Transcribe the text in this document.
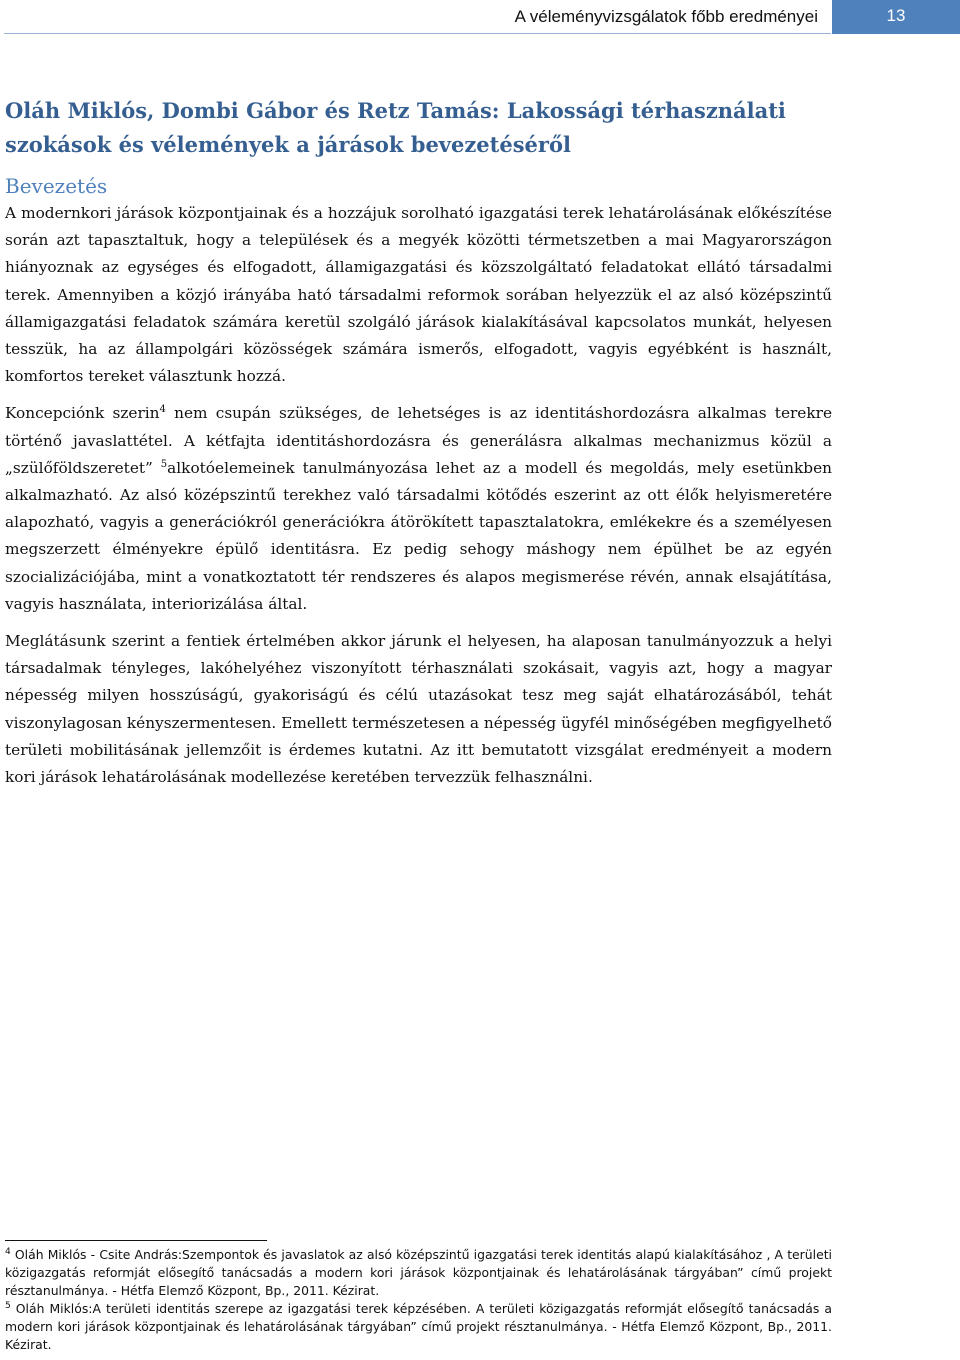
A véleményvizsgálatok főbb eredményei	13
Oláh Miklós, Dombi Gábor és Retz Tamás: Lakossági térhasználati szokások és vélemények a járások bevezetéséről
Bevezetés

A modernkori járások központjainak és a hozzájuk sorolható igazgatási terek lehatárolásának előkészítése során azt tapasztaltuk, hogy a települések és a megyék közötti térmetszetben a mai Magyarországon hiányoznak az egységes és elfogadott, államigazgatási és közszolgáltató feladatokat ellátó társadalmi terek. Amennyiben a közjó irányába ható társadalmi reformok sorában helyezzük el az alsó középszintű államigazgatási feladatok számára keretül szolgáló járások kialakításával kapcsolatos munkát, helyesen tesszük, ha az állampolgári közösségek számára ismerős, elfogadott, vagyis egyébként is használt, komfortos tereket választunk hozzá.

Koncepciónk szerin$^4$ nem csupán szükséges, de lehetséges is az identitáshordozásra alkalmas terekre történő javaslattétel. A kétfajta identitáshordozásra és generálásra alkalmas mechanizmus közül a „szülőföldszeretet” $^5$alkotóelemeinek tanulmányozása lehet az a modell és megoldás, mely esetünkben alkalmazható. Az alsó középszintű terekhez való társadalmi kötődés eszerint az ott élők helyismeretére alapozható, vagyis a generációkról generációkra átörökített tapasztalatokra, emlékekre és a személyesen megszerzett élményekre épülő identitásra. Ez pedig sehogy máshogy nem épülhet be az egyén szocializációjába, mint a vonatkoztatott tér rendszeres és alapos megismerése révén, annak elsajátítása, vagyis használata, interiorizálása által.

Meglátásunk szerint a fentiek értelmében akkor járunk el helyesen, ha alaposan tanulmányozzuk a helyi társadalmak tényleges, lakóhelyéhez viszonyított térhasználati szokásait, vagyis azt, hogy a magyar népesség milyen hosszúságú, gyakoriságú és célú utazásokat tesz meg saját elhatározásából, tehát viszonylagosan kényszermentesen. Emellett természetesen a népesség ügyfél minőségében megfigyelhető területi mobilitásának jellemzőit is érdemes kutatni. Az itt bemutatott vizsgálat eredményeit a modern kori járások lehatárolásának modellezése keretében tervezzük felhasználni.

$^4$ Oláh Miklós - Csite András:Szempontok és javaslatok az alsó középszintű igazgatási terek identitás alapú kialakításához , A területi közigazgatás reformját elősegítő tanácsadás a modern kori járások központjainak és lehatárolásának tárgyában” című projekt résztanulmánya. - Hétfa Elemző Központ, Bp., 2011. Kézirat.

$^5$ Oláh Miklós:A területi identitás szerepe az igazgatási terek képzésében. A területi közigazgatás reformját elősegítő tanácsadás a modern kori járások központjainak és lehatárolásának tárgyában” című projekt résztanulmánya. - Hétfa Elemző Központ, Bp., 2011. Kézirat.
